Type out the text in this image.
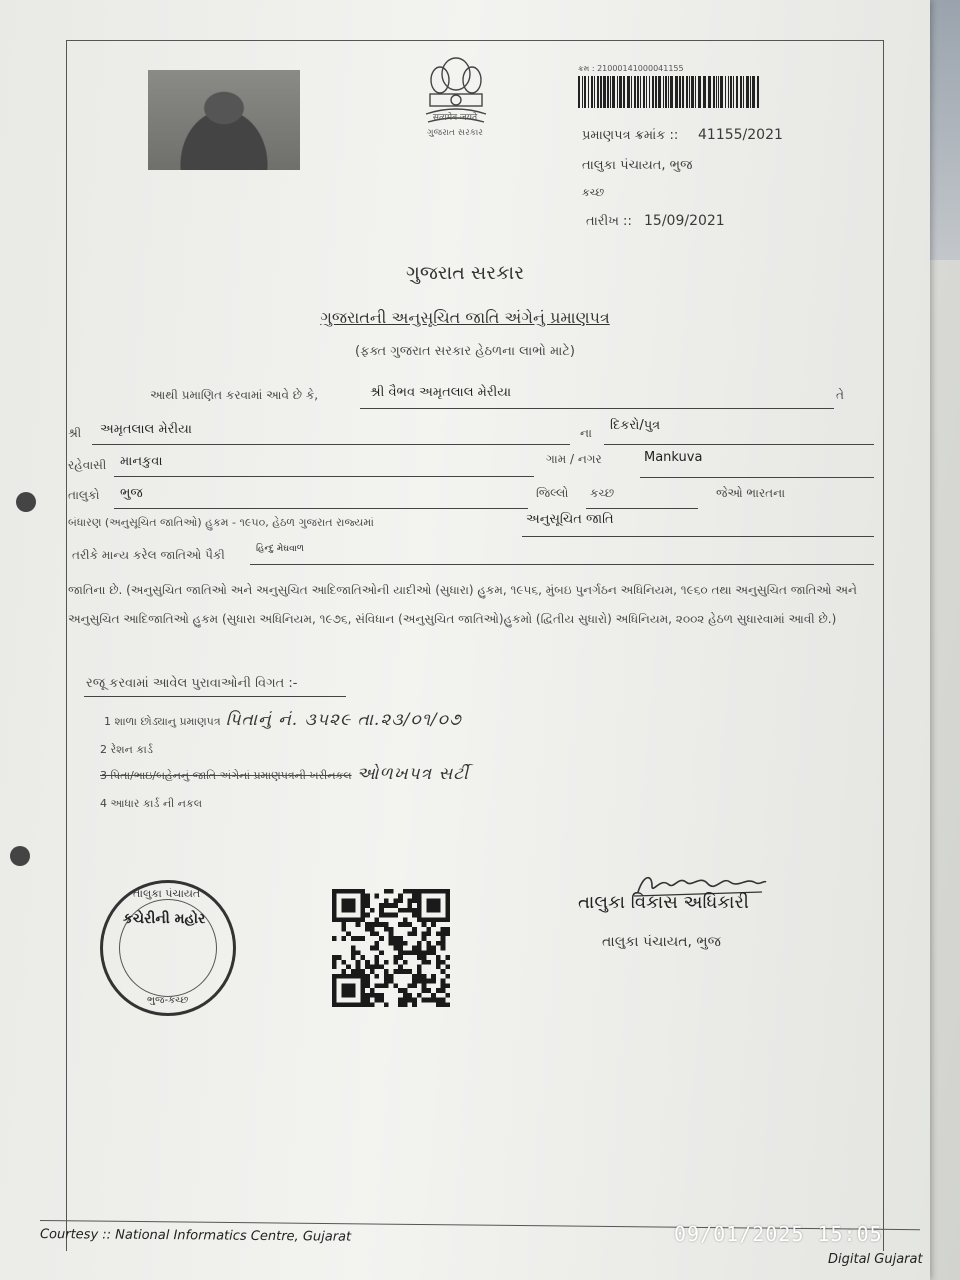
सत्यमेव जयते
ગુજરાત સરકાર
ક્રમ : 21000141000041155
પ્રમાણપત્ર ક્રમાંક :: 41155/2021
તાલુકા પંચાયત, ભુજ
કચ્છ
તારીખ :: 15/09/2021
ગુજરાત સરકાર
ગુજરાતની અનુસૂચિત જાતિ અંગેનું પ્રમાણપત્ર
(ફક્ત ગુજરાત સરકાર હેઠળના લાભો માટે)
આથી પ્રમાણિત કરવામાં આવે છે કે,	શ્રી વૈભવ અમૃતલાલ મેરીયા	તે
શ્રી અમૃતલાલ મેરીયા	ના દિકરો/પુત્ર
રહેવાસી માનકુવા	ગામ / નગર	Mankuva
તાલુકો ભુજ	જિલ્લો કચ્છ	જેઓ ભારતના
બંધારણ (અનુસૂચિત જાતિઓ) હુકમ - ૧૯૫૦, હેઠળ ગુજરાત રાજ્યમાં	અનુસૂચિત જાતિ
તરીકે માન્ય કરેલ જાતિઓ પૈકી	હિન્દુ મેઘવાળ
જાતિના છે. (અનુસુચિત જાતિઓ અને અનુસુચિત આદિજાતિઓની યાદીઓ (સુધારા) હુકમ, ૧૯૫૬, મુંબઇ પુનર્ગઠન અધિનિયમ, ૧૯૬૦ તથા અનુસુચિત જાતિઓ અને અનુસુચિત આદિજાતિઓ હુકમ (સુધારા અધિનિયમ, ૧૯૭૬, સંવિધાન (અનુસુચિત જાતિઓ)હુકમો (દ્વિતીય સુધારો) અધિનિયમ, ૨૦૦૨ હેઠળ સુધારવામાં આવી છે.)
રજૂ કરવામાં આવેલ પુરાવાઓની વિગત :-
1 શાળા છોડ્યાનુ પ્રમાણપત્ર પિતાનું નં. ૩૫૨૯ તા.૨૩/૦૧/૦૭
2 રેશન કાર્ડ
3 પિતા/ભાઇ/બહેનનું જાતિ અંગેનાં પ્રમાણપત્રની ખરીનકલ ઓળખપત્ર સર્ટી
4 આધાર કાર્ડ ની નકલ
તાલુકા પંચાયત
કચેરીની મહોર
ભુજ-કચ્છ
તાલુકા વિકાસ અધિકારી
તાલુકા પંચાયત, ભુજ
Courtesy :: National Informatics Centre, Gujarat
Digital Gujarat
09/01/2025 15:05
